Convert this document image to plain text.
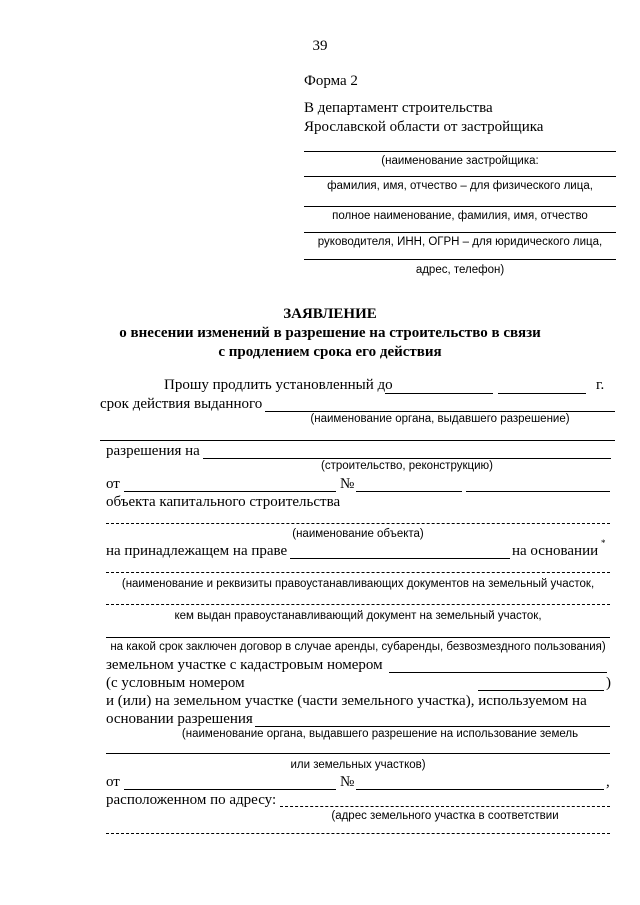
39
Форма 2
В департамент строительства
Ярославской области от застройщика
(наименование застройщика:
фамилия, имя, отчество – для физического лица,
полное наименование, фамилия, имя, отчество
руководителя, ИНН, ОГРН – для юридического лица,
адрес, телефон)
ЗАЯВЛЕНИЕ
о внесении изменений в разрешение на строительство в связи
с продлением срока его действия
Прошу продлить установленный до	г.
срок действия выданного
(наименование органа, выдавшего разрешение)
разрешения на
(строительство, реконструкцию)
от	№
объекта капитального строительства
(наименование объекта)
на принадлежащем на праве	на основании *
(наименование и реквизиты правоустанавливающих документов на земельный участок,
кем выдан правоустанавливающий документ на земельный участок,
на какой срок заключен договор в случае аренды, субаренды, безвозмездного пользования)
земельном участке с кадастровым номером
(с условным номером	)
и (или) на земельном участке (части земельного участка), используемом на
основании разрешения
(наименование органа, выдавшего разрешение на использование земель
или земельных участков)
от	№	,
расположенном по адресу:
(адрес земельного участка в соответствии
